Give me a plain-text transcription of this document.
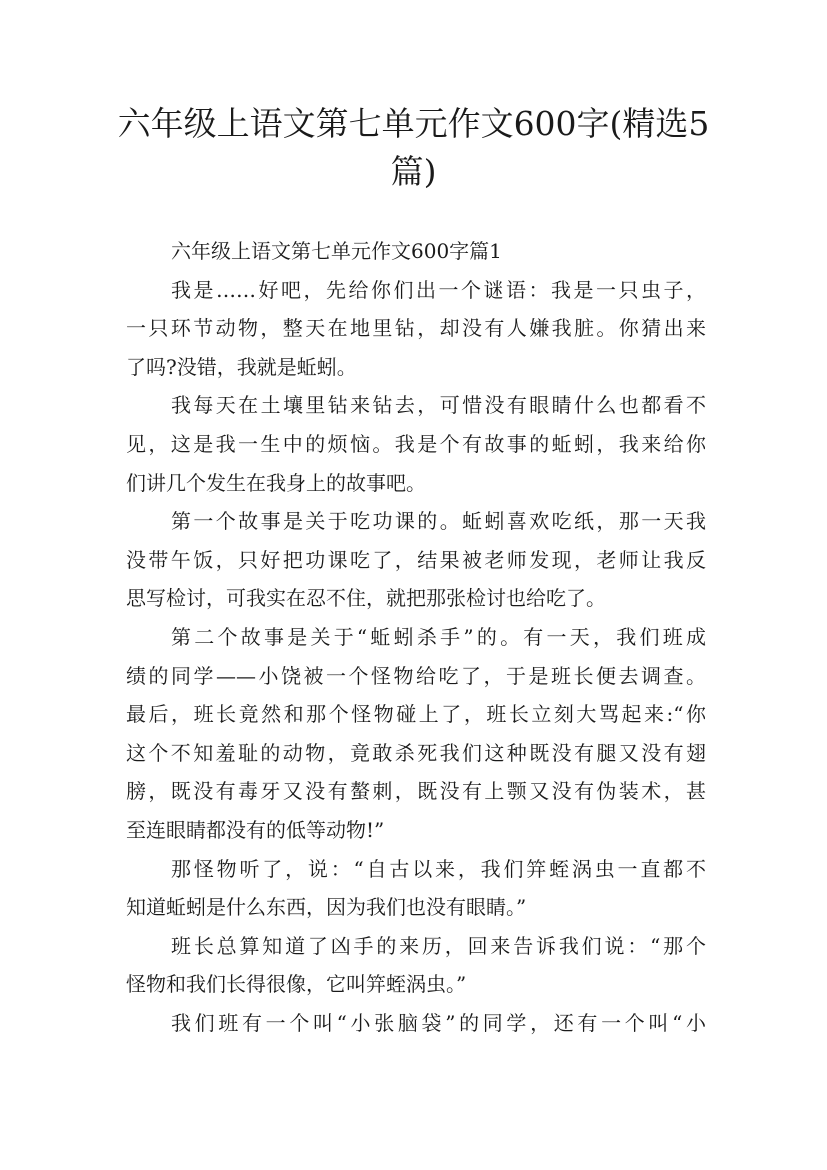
六年级上语文第七单元作文600字(精选5
篇)
六年级上语文第七单元作文600字篇1
我是……好吧，先给你们出一个谜语：我是一只虫子，
一只环节动物，整天在地里钻，却没有人嫌我脏。你猜出来
了吗?没错，我就是蚯蚓。
我每天在土壤里钻来钻去，可惜没有眼睛什么也都看不
见，这是我一生中的烦恼。我是个有故事的蚯蚓，我来给你
们讲几个发生在我身上的故事吧。
第一个故事是关于吃功课的。蚯蚓喜欢吃纸，那一天我
没带午饭，只好把功课吃了，结果被老师发现，老师让我反
思写检讨，可我实在忍不住，就把那张检讨也给吃了。
第二个故事是关于“蚯蚓杀手”的。有一天，我们班成
绩的同学——小饶被一个怪物给吃了，于是班长便去调查。
最后，班长竟然和那个怪物碰上了，班长立刻大骂起来:“你
这个不知羞耻的动物，竟敢杀死我们这种既没有腿又没有翅
膀，既没有毒牙又没有螯刺，既没有上颚又没有伪装术，甚
至连眼睛都没有的低等动物!”
那怪物听了，说：“自古以来，我们笄蛭涡虫一直都不
知道蚯蚓是什么东西，因为我们也没有眼睛。”
班长总算知道了凶手的来历，回来告诉我们说：“那个
怪物和我们长得很像，它叫笄蛭涡虫。”
我们班有一个叫“小张脑袋”的同学，还有一个叫“小
